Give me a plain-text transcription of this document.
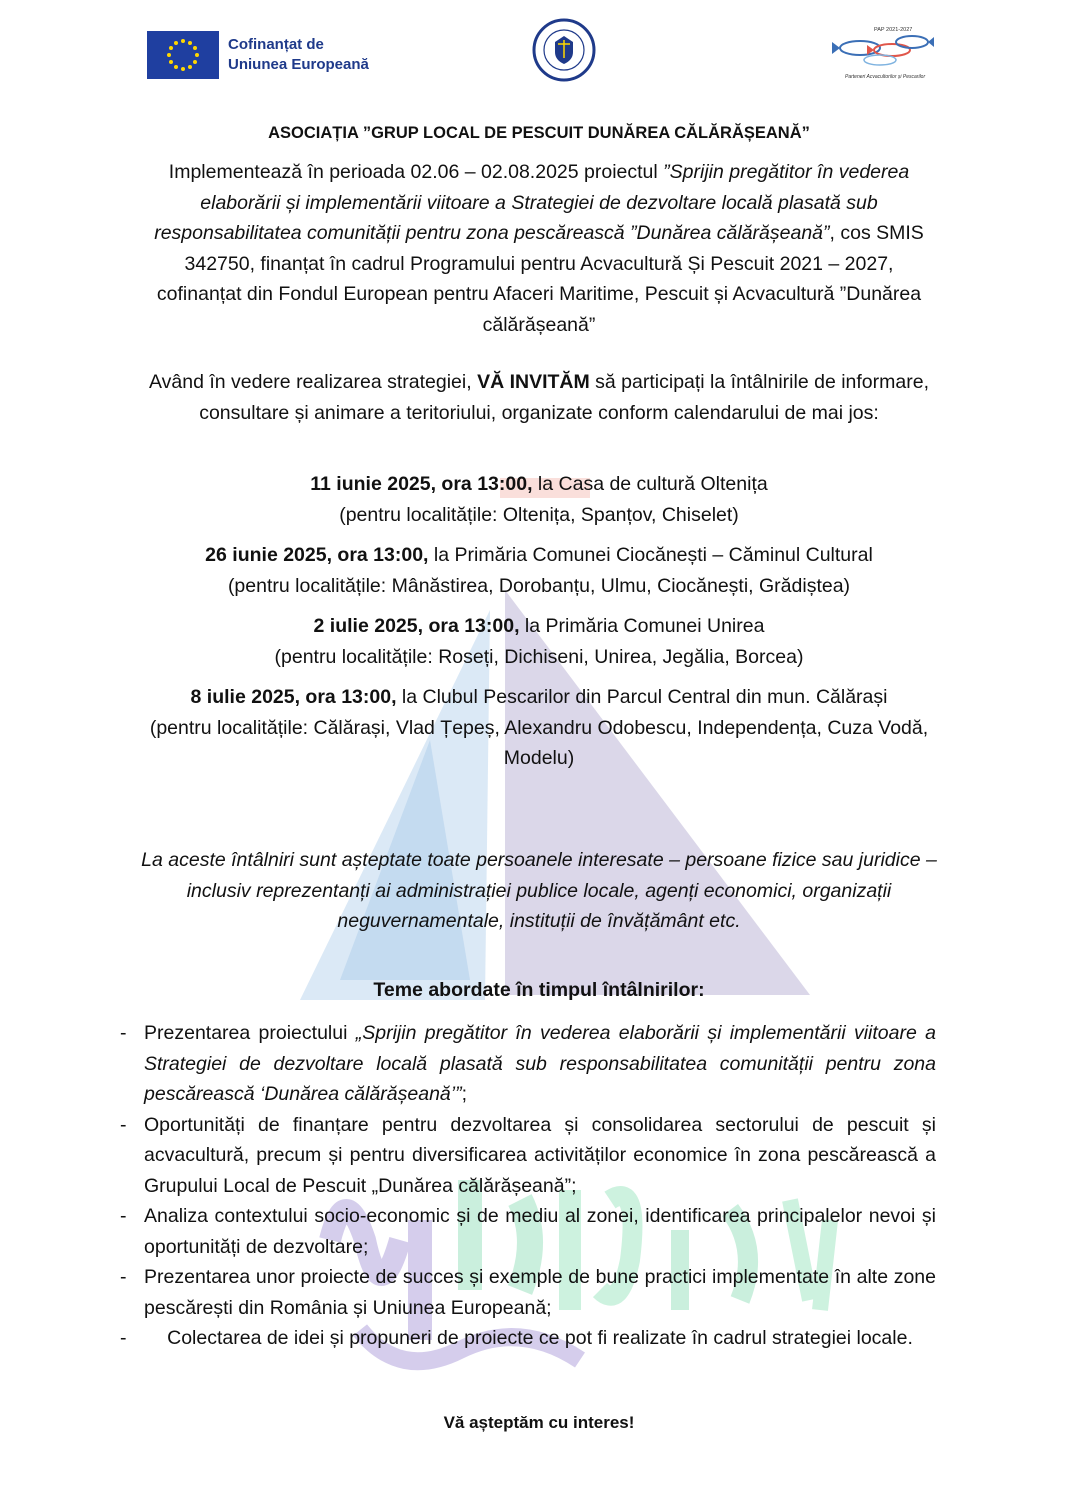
Cofinanțat de
Uniunea Europeană
PAP 2021-2027
Parteneri Acvacultorilor și Pescarilor
ASOCIAȚIA ”GRUP LOCAL DE PESCUIT DUNĂREA CĂLĂRĂȘEANĂ”
Implementează în perioada 02.06 – 02.08.2025 proiectul ”Sprijin pregătitor în vederea elaborării și implementării viitoare a Strategiei de dezvoltare locală plasată sub responsabilitatea comunității pentru zona pescărească ”Dunărea călărășeană”, cos SMIS 342750, finanțat în cadrul Programului pentru Acvacultură Și Pescuit 2021 – 2027, cofinanțat din Fondul European pentru Afaceri Maritime, Pescuit și Acvacultură ”Dunărea călărășeană”
Având în vedere realizarea strategiei, VĂ INVITĂM să participați la întâlnirile de informare, consultare și animare a teritoriului, organizate conform calendarului de mai jos:
11 iunie 2025, ora 13:00, la Casa de cultură Oltenița
(pentru localitățile: Oltenița, Spanțov, Chiselet)
26 iunie 2025, ora 13:00, la Primăria Comunei Ciocănești – Căminul Cultural
(pentru localitățile: Mânăstirea, Dorobanțu, Ulmu, Ciocănești, Grădiștea)
2 iulie 2025, ora 13:00, la Primăria Comunei Unirea
(pentru localitățile: Roseți, Dichiseni, Unirea, Jegălia, Borcea)
8 iulie 2025, ora 13:00, la Clubul Pescarilor din Parcul Central din mun. Călărași
(pentru localitățile: Călărași, Vlad Țepeș, Alexandru Odobescu, Independența, Cuza Vodă, Modelu)
La aceste întâlniri sunt așteptate toate persoanele interesate – persoane fizice sau juridice – inclusiv reprezentanți ai administrației publice locale, agenți economici, organizații neguvernamentale, instituții de învățământ etc.
Teme abordate în timpul întâlnirilor:
- Prezentarea proiectului „Sprijin pregătitor în vederea elaborării și implementării viitoare a Strategiei de dezvoltare locală plasată sub responsabilitatea comunității pentru zona pescărească ‘Dunărea călărășeană’”;
- Oportunități de finanțare pentru dezvoltarea și consolidarea sectorului de pescuit și acvacultură, precum și pentru diversificarea activităților economice în zona pescărească a Grupului Local de Pescuit „Dunărea călărășeană”;
- Analiza contextului socio-economic și de mediu al zonei, identificarea principalelor nevoi și oportunități de dezvoltare;
- Prezentarea unor proiecte de succes și exemple de bune practici implementate în alte zone pescărești din România și Uniunea Europeană;
- Colectarea de idei și propuneri de proiecte ce pot fi realizate în cadrul strategiei locale.
Vă așteptăm cu interes!
